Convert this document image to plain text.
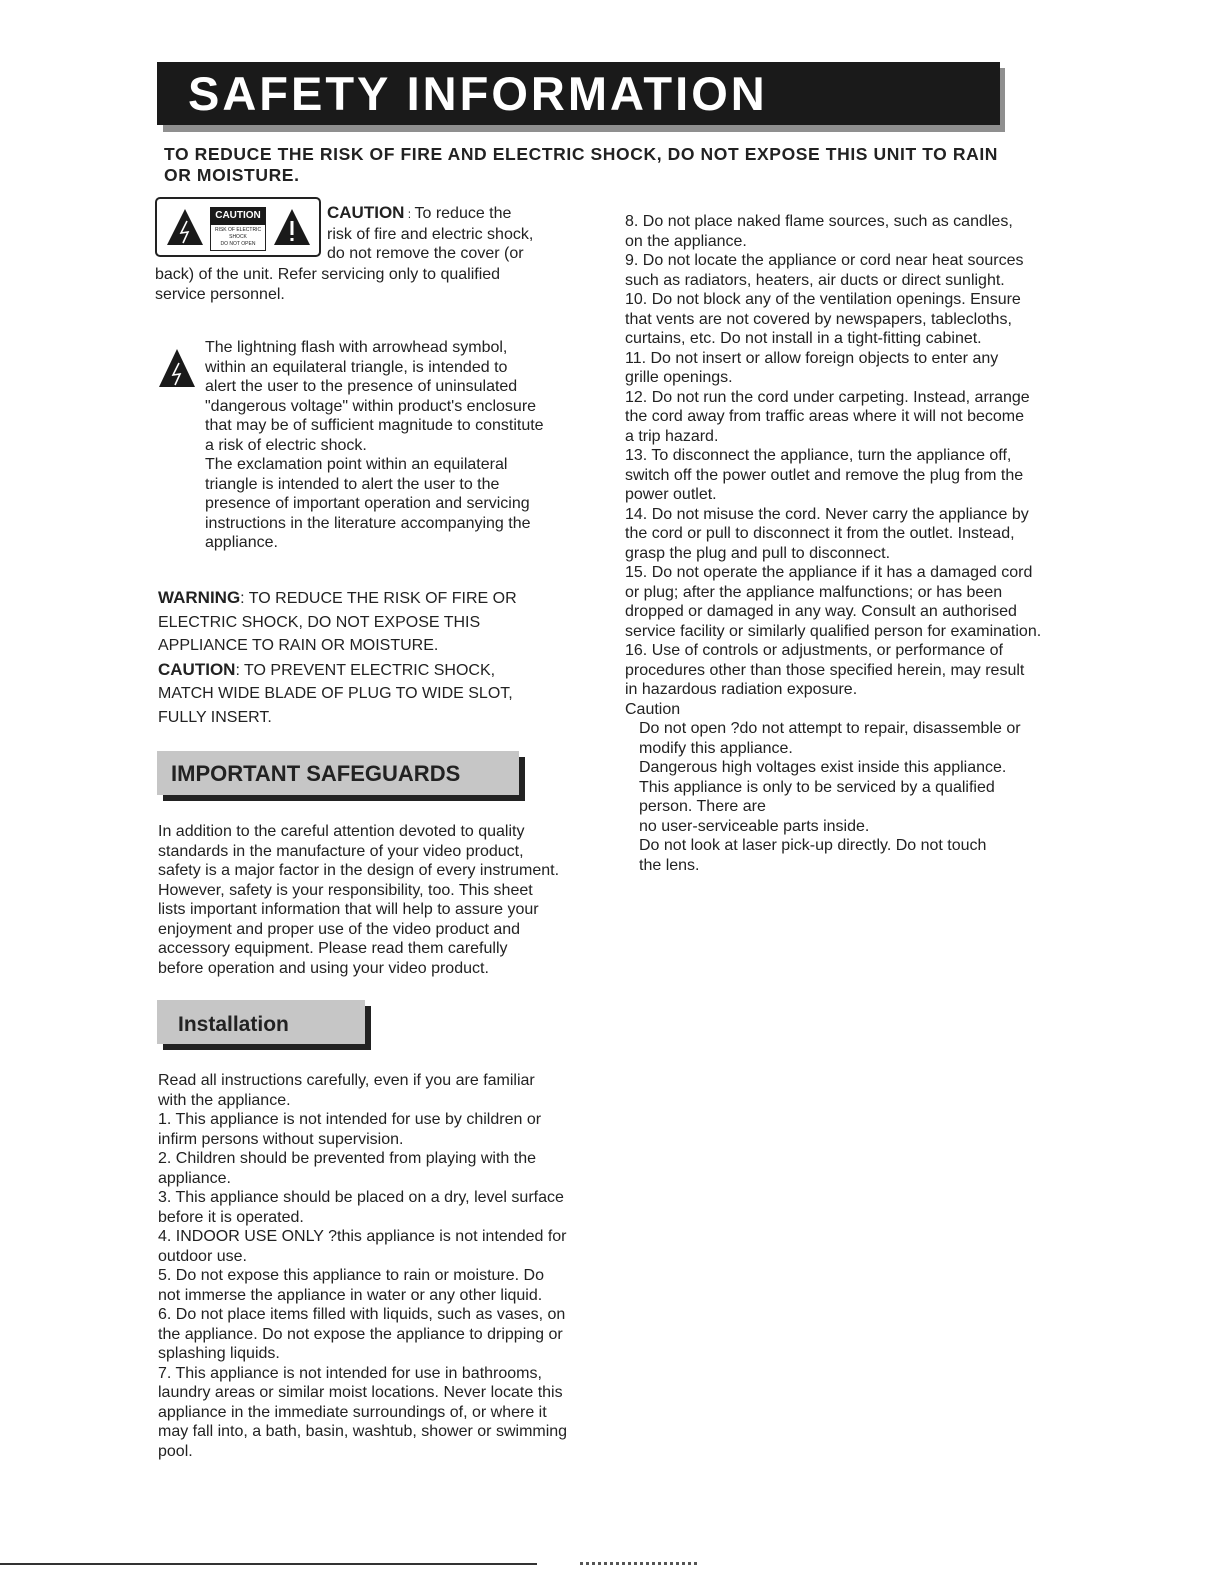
SAFETY INFORMATION
TO REDUCE THE RISK OF FIRE AND ELECTRIC SHOCK, DO NOT EXPOSE THIS UNIT TO RAIN OR MOISTURE.
CAUTION
RISK OF ELECTRIC SHOCK
DO NOT OPEN
CAUTION : To reduce the
risk of fire and electric shock,
do not remove the cover (or
back) of the unit. Refer servicing only to qualified
service personnel.
The lightning flash with arrowhead symbol,
within an equilateral triangle, is intended to
alert the user to the presence of uninsulated
"dangerous voltage" within product's enclosure
that may be of sufficient magnitude to constitute
a risk of electric shock.
The exclamation point within an equilateral
triangle is intended to alert the user to the
presence of important operation and servicing
instructions in the literature accompanying the
appliance.
WARNING: TO REDUCE THE RISK OF FIRE OR
ELECTRIC SHOCK, DO NOT EXPOSE THIS
APPLIANCE TO RAIN OR MOISTURE.
CAUTION: TO PREVENT ELECTRIC SHOCK,
MATCH WIDE BLADE OF PLUG TO WIDE SLOT,
FULLY INSERT.
IMPORTANT SAFEGUARDS
In addition to the careful attention devoted to quality
standards in the manufacture of your video product,
safety is a major factor in the design of every instrument.
However, safety is your responsibility, too. This sheet
lists important information that will help to assure your
enjoyment and proper use of the video product and
accessory equipment. Please read them carefully
before operation and using your video product.
Installation
Read all instructions carefully, even if you are familiar
with the appliance.
1. This appliance is not intended for use by children or
infirm persons without supervision.
2. Children should be prevented from playing with the
appliance.
3. This appliance should be placed on a dry, level surface
before it is operated.
4. INDOOR USE ONLY ?this appliance is not intended for
outdoor use.
5. Do not expose this appliance to rain or moisture. Do
not immerse the appliance in water or any other liquid.
6. Do not place items filled with liquids, such as vases, on
the appliance. Do not expose the appliance to dripping or
splashing liquids.
7. This appliance is not intended for use in bathrooms,
laundry areas or similar moist locations. Never locate this
appliance in the immediate surroundings of, or where it
may fall into, a bath, basin, washtub, shower or swimming
pool.
8. Do not place naked flame sources, such as candles,
on the appliance.
9. Do not locate the appliance or cord near heat sources
such as radiators, heaters, air ducts or direct sunlight.
10. Do not block any of the ventilation openings. Ensure
that vents are not covered by newspapers, tablecloths,
curtains, etc. Do not install in a tight-fitting cabinet.
11. Do not insert or allow foreign objects to enter any
grille openings.
12. Do not run the cord under carpeting. Instead, arrange
the cord away from traffic areas where it will not become
a trip hazard.
13. To disconnect the appliance, turn the appliance off,
switch off the power outlet and remove the plug from the
power outlet.
14. Do not misuse the cord. Never carry the appliance by
the cord or pull to disconnect it from the outlet. Instead,
grasp the plug and pull to disconnect.
15. Do not operate the appliance if it has a damaged cord
or plug; after the appliance malfunctions; or has been
dropped or damaged in any way. Consult an authorised
service facility or similarly qualified person for examination.
16. Use of controls or adjustments, or performance of
procedures other than those specified herein, may result
in hazardous radiation exposure.
Caution
Do not open ?do not attempt to repair, disassemble or
modify this appliance.
Dangerous high voltages exist inside this appliance.
This appliance is only to be serviced by a qualified
person. There are
no user-serviceable parts inside.
Do not look at laser pick-up directly. Do not touch
the lens.
